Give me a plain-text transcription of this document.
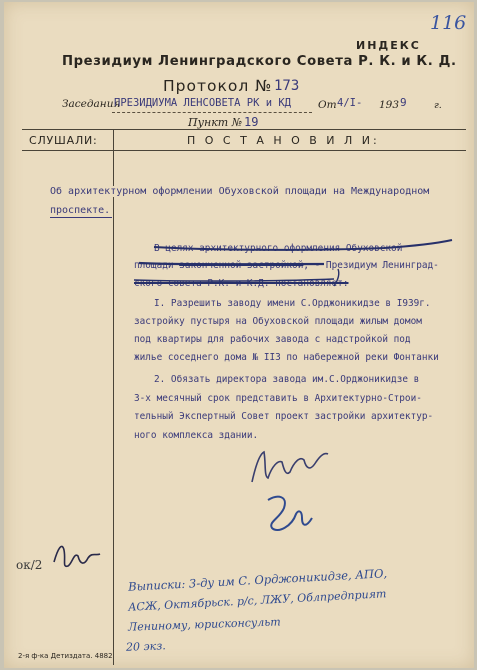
116
ИНДЕКС
Президиум Ленинградского Совета Р. К. и К. Д.
Протокол № 173
Заседания
ПРЕЗИДИУМА ЛЕНСОВЕТА РК и КД	От 4/I- 193 9	г.
Пункт № 19
СЛУШАЛИ:	П О С Т А Н О В И Л И:
Об архитектурном оформлении Обуховской площади на Международном
проспекте.
В целях архитектурного оформления Обуховской
площади законченной застройкой, - Президиум Ленинград-
ского совета Р.К. и К.Д. постановляет:
I. Разрешить заводу имени С.Орджоникидзе в I939г.
застройку пустыря на Обуховской площади жилым домом
под квартиры для рабочих завода с надстройкой под
жилье соседнего дома № II3 по набережной реки Фонтанки
2. Обязать директора завода им.С.Орджоникидзе в
3-х месячный срок представить в Архитектурно-Строи-
тельный Экспертный Совет проект застройки архитектур-
ного комплекса здании.
ок/2
Выписки: 3-ду им С. Орджоникидзе, АПО,
АСЖ, Октябрьск. р/с, ЛЖУ, Облпредприят
Лениному, юрисконсульт
20 экз.
2-я ф-ка Детиздата. 4882
